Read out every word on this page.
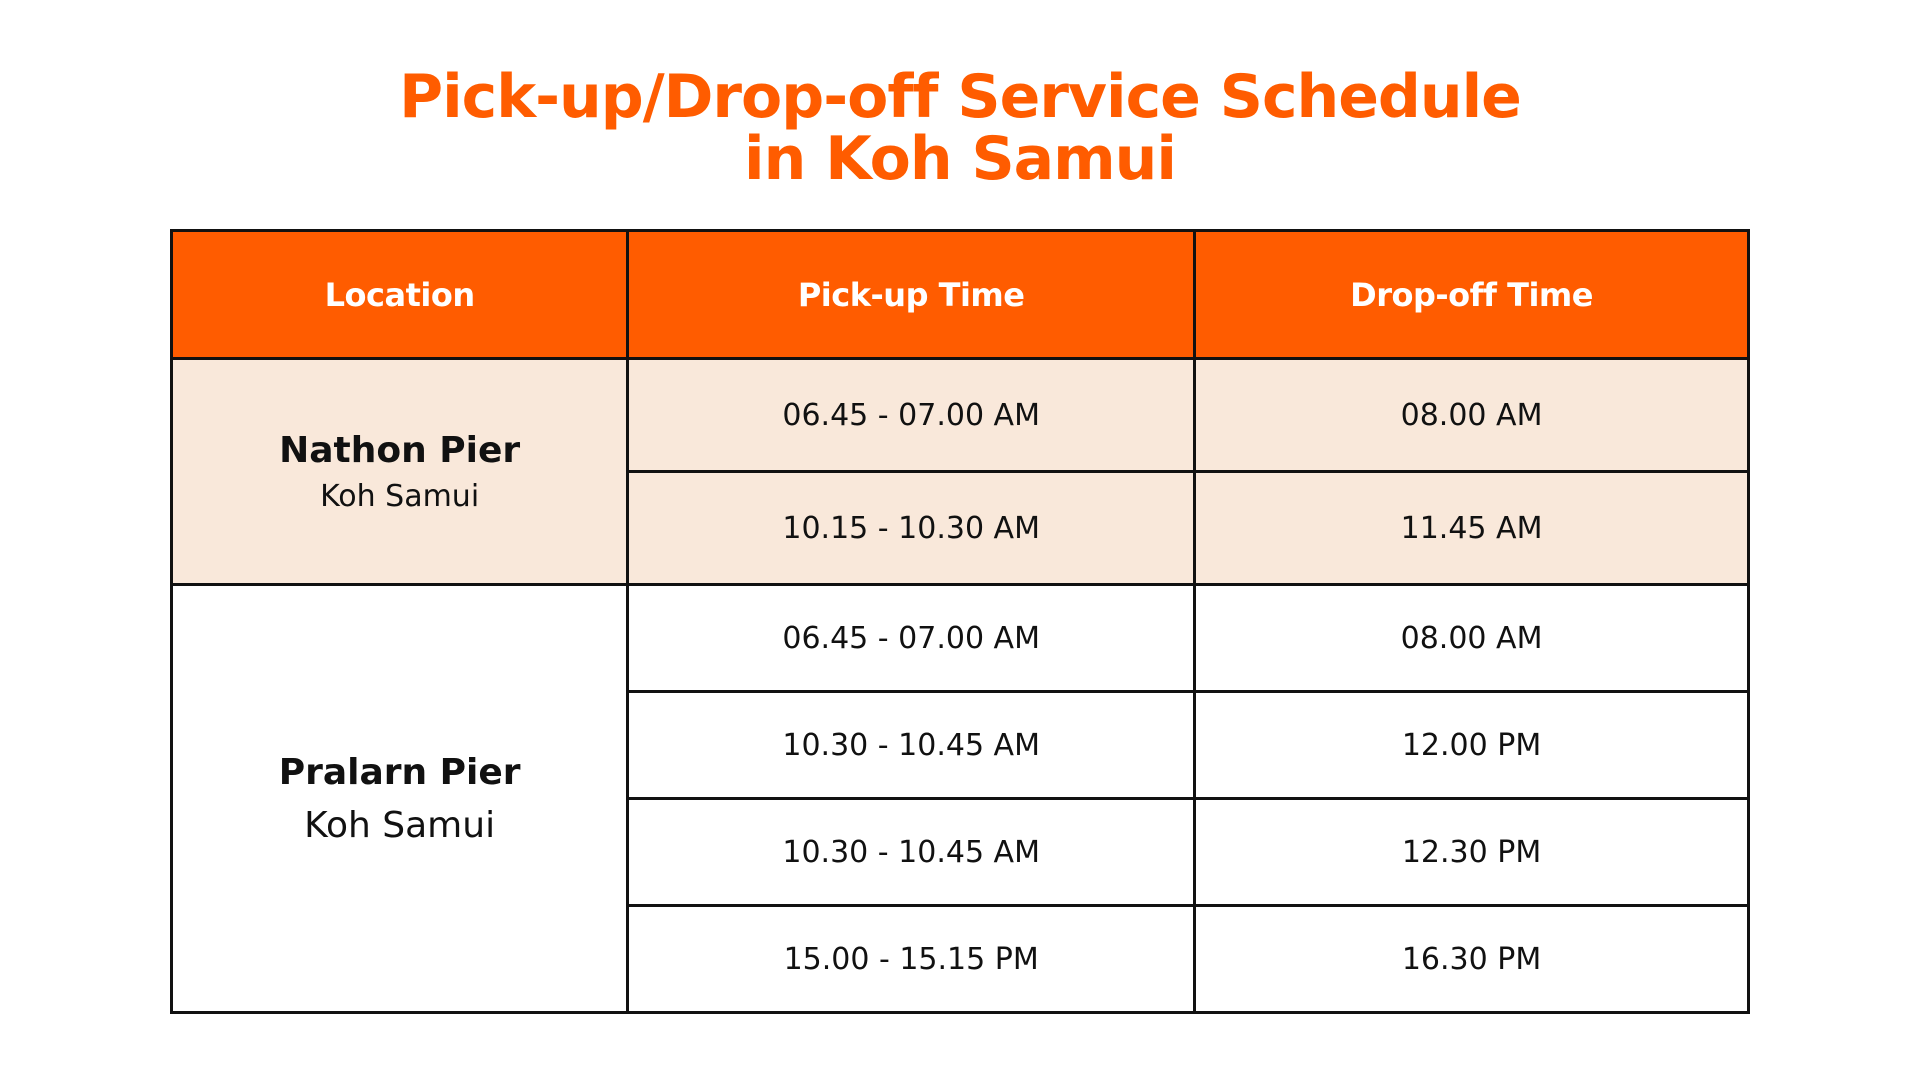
Pick-up/Drop-off Service Schedule
in Koh Samui
Location	Pick-up Time	Drop-off Time

Nathon Pier
Koh Samui	06.45 - 07.00 AM	08.00 AM
	10.15 - 10.30 AM	11.45 AM

Pralarn Pier
Koh Samui	06.45 - 07.00 AM	08.00 AM
	10.30 - 10.45 AM	12.00 PM
	10.30 - 10.45 AM	12.30 PM
	15.00 - 15.15 PM	16.30 PM
